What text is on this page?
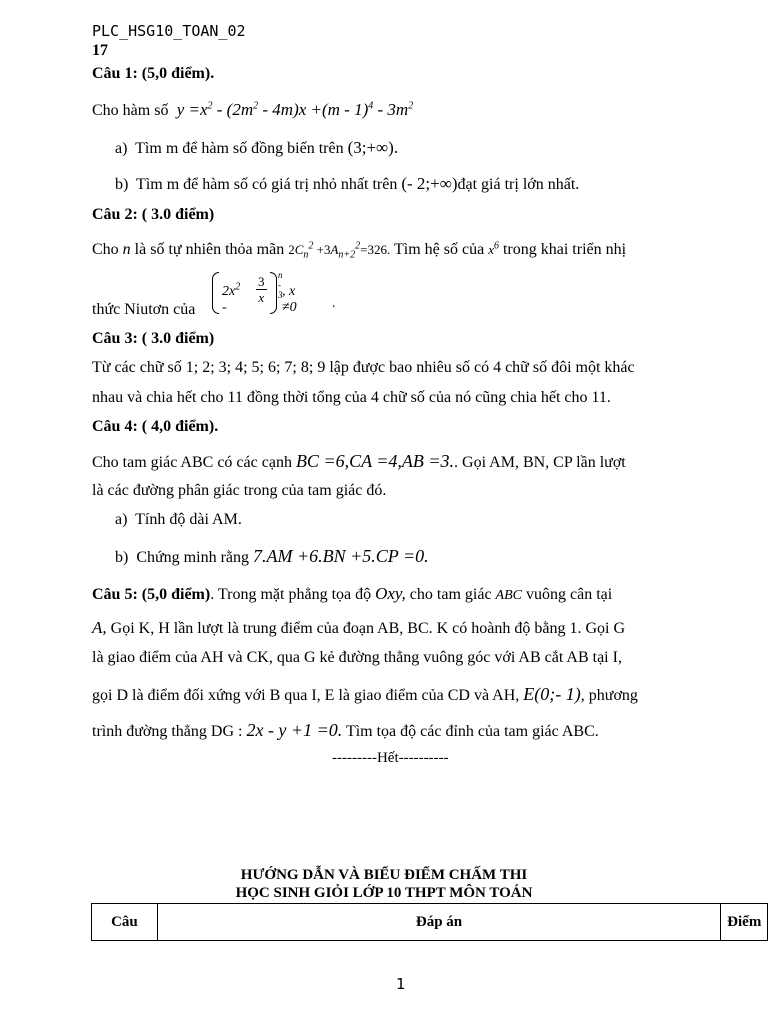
PLC_HSG10_TOAN_02
17
Câu 1: (5,0 điểm).
Cho hàm số  $y =x^2 - (2m^2 - 4m)x +(m - 1)^4 - 3m^2$
a) Tìm m để hàm số đồng biến trên (3;+∞).
b) Tìm m để hàm số có giá trị nhỏ nhất trên (- 2;+∞)đạt giá trị lớn nhất.
Câu 2: ( 3.0 điểm)
Cho n là số tự nhiên thỏa mãn $2C_n^2 +3A_{n+2}^2=326$. Tìm hệ số của $x^6$ trong khai triển nhị
thức Niutơn của
$2x^2$ -
$\frac{3}{x}$ n - 3 , x ≠0	.
Câu 3: ( 3.0 điểm)
Từ các chữ số 1; 2; 3; 4; 5; 6; 7; 8; 9 lập được bao nhiêu số có 4 chữ số đôi một khác
nhau và chia hết cho 11 đồng thời tổng của 4 chữ số của nó cũng chia hết cho 11.
Câu 4: ( 4,0 điểm).
Cho tam giác ABC có các cạnh BC =6,CA =4,AB =3.. Gọi AM, BN, CP lần lượt
là các đường phân giác trong của tam giác đó.
a) Tính độ dài AM.
b) Chứng minh rằng 7.AM +6.BN +5.CP =0.
Câu 5: (5,0 điểm). Trong mặt phẳng tọa độ Oxy, cho tam giác ABC vuông cân tại
A, Gọi K, H lần lượt là trung điểm của đoạn AB, BC. K có hoành độ bằng 1. Gọi G
là giao điểm của AH và CK, qua G kẻ đường thẳng vuông góc với AB cắt AB tại I,
gọi D là điểm đối xứng với B qua I, E là giao điểm của CD và AH, E(0;- 1), phương
trình đường thẳng DG : 2x - y +1 =0. Tìm tọa độ các đỉnh của tam giác ABC.
---------Hết----------
HƯỚNG DẪN VÀ BIỂU ĐIỂM CHẤM THI
HỌC SINH GIỎI LỚP 10 THPT MÔN TOÁN
Câu	Đáp án	Điểm
1
